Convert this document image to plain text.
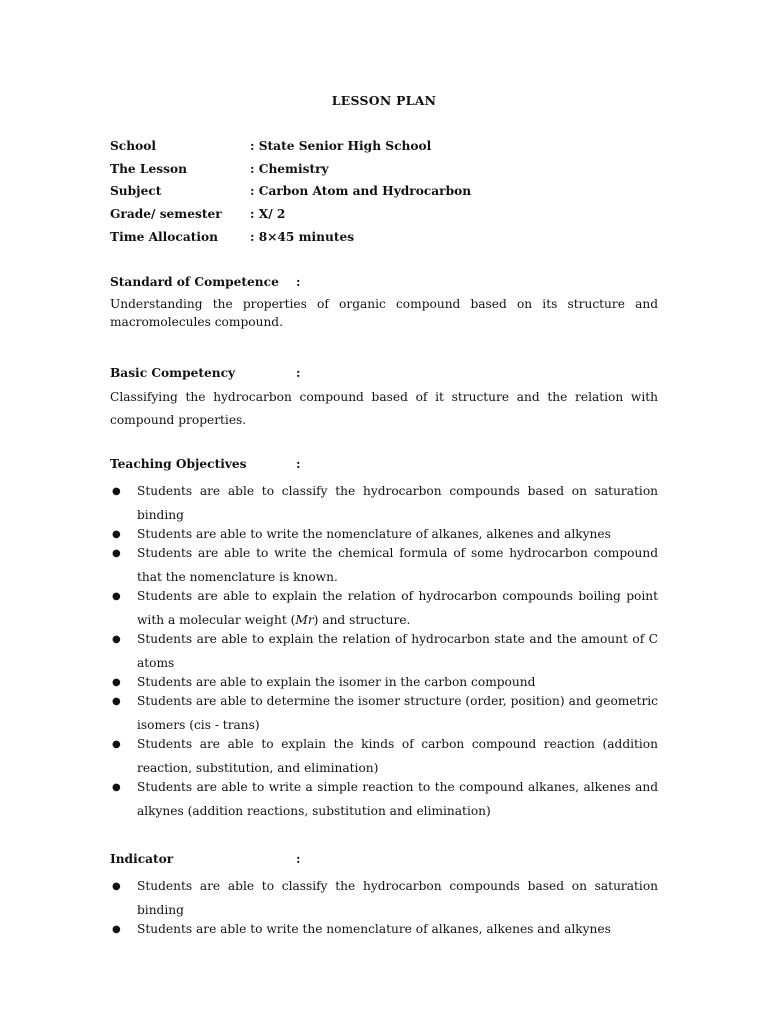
LESSON PLAN
School	: State Senior High School
The Lesson	: Chemistry
Subject	: Carbon Atom and Hydrocarbon
Grade/ semester : X/ 2
Time Allocation	: 8×45 minutes
Standard of Competence :
Understanding the properties of organic compound based on its structure and macromolecules compound.
Basic Competency	:
Classifying the hydrocarbon compound based of it structure and the relation with compound properties.
Teaching Objectives	:
● Students are able to classify the hydrocarbon compounds based on saturation binding
● Students are able to write the nomenclature of alkanes, alkenes and alkynes
● Students are able to write the chemical formula of some hydrocarbon compound that the nomenclature is known.
● Students are able to explain the relation of hydrocarbon compounds boiling point with a molecular weight (Mr) and structure.
● Students are able to explain the relation of hydrocarbon state and the amount of C atoms
● Students are able to explain the isomer in the carbon compound
● Students are able to determine the isomer structure (order, position) and geometric isomers (cis - trans)
● Students are able to explain the kinds of carbon compound reaction (addition reaction, substitution, and elimination)
● Students are able to write a simple reaction to the compound alkanes, alkenes and alkynes (addition reactions, substitution and elimination)
Indicator	:
● Students are able to classify the hydrocarbon compounds based on saturation binding
● Students are able to write the nomenclature of alkanes, alkenes and alkynes
